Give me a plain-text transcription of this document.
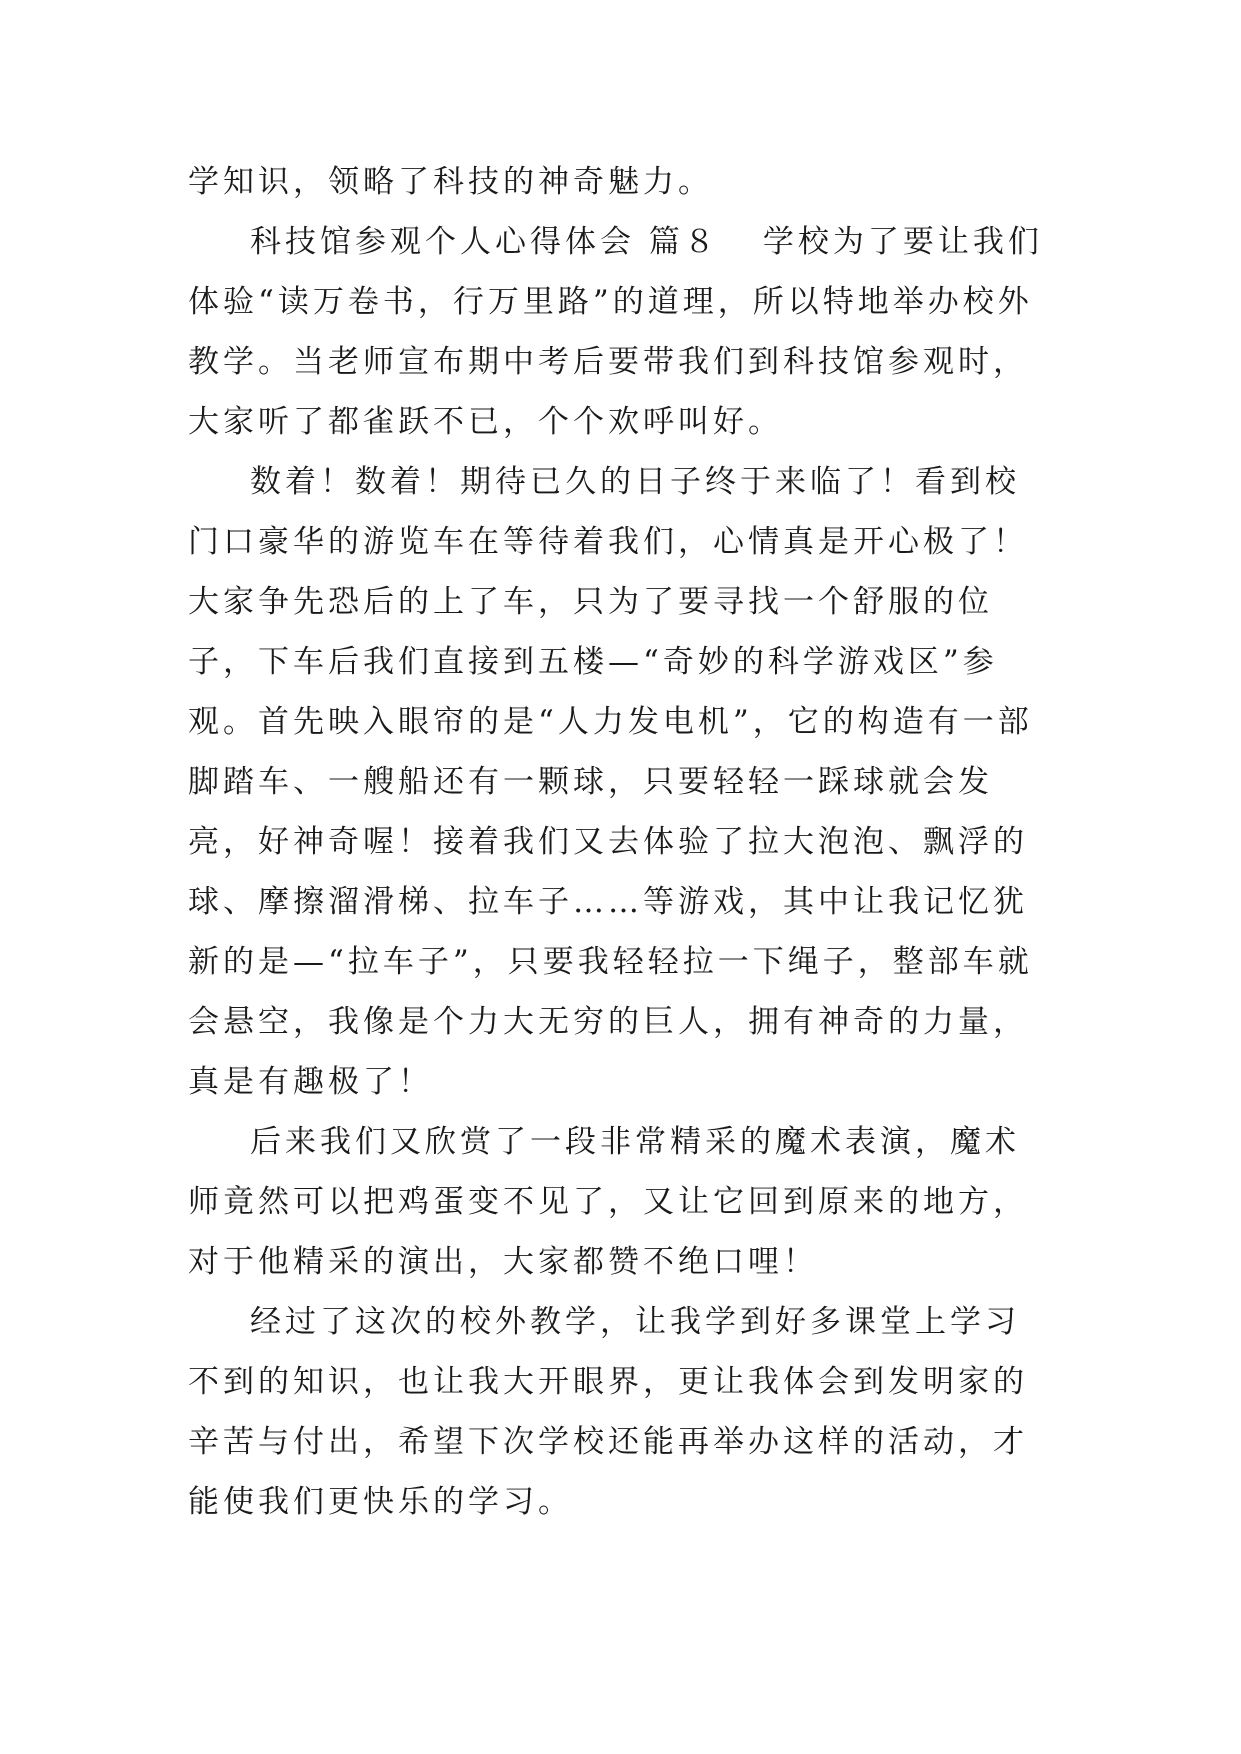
学知识，领略了科技的神奇魅力。

科技馆参观个人心得体会 篇８ 学校为了要让我们体验“读万卷书，行万里路”的道理，所以特地举办校外教学。当老师宣布期中考后要带我们到科技馆参观时，大家听了都雀跃不已，个个欢呼叫好。

数着！数着！期待已久的日子终于来临了！看到校门口豪华的游览车在等待着我们，心情真是开心极了！大家争先恐后的上了车，只为了要寻找一个舒服的位子，下车后我们直接到五楼—“奇妙的科学游戏区”参观。首先映入眼帘的是“人力发电机”，它的构造有一部脚踏车、一艘船还有一颗球，只要轻轻一踩球就会发亮，好神奇喔！接着我们又去体验了拉大泡泡、飘浮的球、摩擦溜滑梯、拉车子……等游戏，其中让我记忆犹新的是—“拉车子”，只要我轻轻拉一下绳子，整部车就会悬空，我像是个力大无穷的巨人，拥有神奇的力量，真是有趣极了！

后来我们又欣赏了一段非常精采的魔术表演，魔术师竟然可以把鸡蛋变不见了，又让它回到原来的地方，对于他精采的演出，大家都赞不绝口哩！

经过了这次的校外教学，让我学到好多课堂上学习不到的知识，也让我大开眼界，更让我体会到发明家的辛苦与付出，希望下次学校还能再举办这样的活动，才能使我们更快乐的学习。
